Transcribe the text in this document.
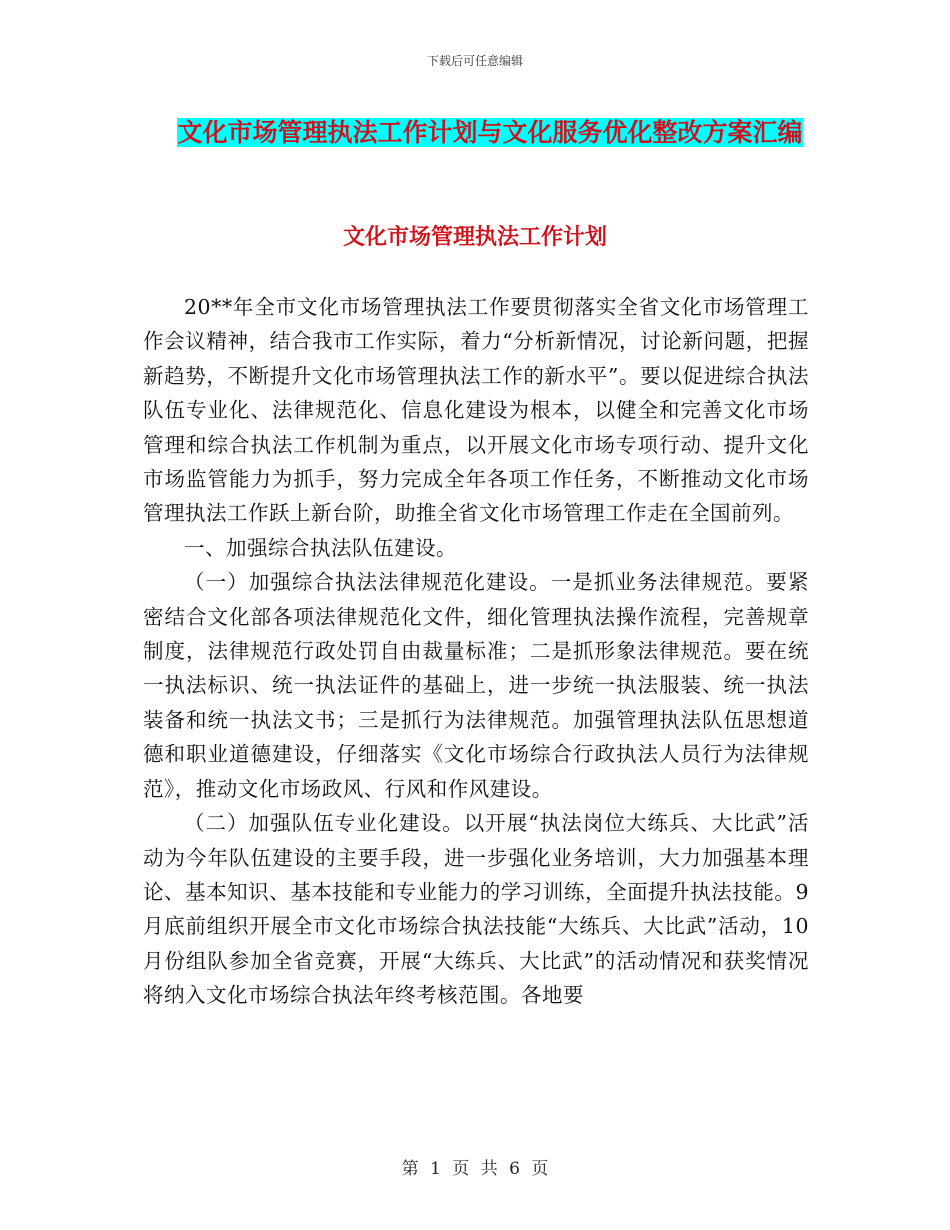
下载后可任意编辑
文化市场管理执法工作计划与文化服务优化整改方案汇编
文化市场管理执法工作计划

20**年全市文化市场管理执法工作要贯彻落实全省文化市场管理工作会议精神，结合我市工作实际，着力“分析新情况，讨论新问题，把握新趋势，不断提升文化市场管理执法工作的新水平”。要以促进综合执法队伍专业化、法律规范化、信息化建设为根本，以健全和完善文化市场管理和综合执法工作机制为重点，以开展文化市场专项行动、提升文化市场监管能力为抓手，努力完成全年各项工作任务，不断推动文化市场管理执法工作跃上新台阶，助推全省文化市场管理工作走在全国前列。

一、加强综合执法队伍建设。

（一）加强综合执法法律规范化建设。一是抓业务法律规范。要紧密结合文化部各项法律规范化文件，细化管理执法操作流程，完善规章制度，法律规范行政处罚自由裁量标准；二是抓形象法律规范。要在统一执法标识、统一执法证件的基础上，进一步统一执法服装、统一执法装备和统一执法文书；三是抓行为法律规范。加强管理执法队伍思想道德和职业道德建设，仔细落实《文化市场综合行政执法人员行为法律规范》，推动文化市场政风、行风和作风建设。

（二）加强队伍专业化建设。以开展“执法岗位大练兵、大比武”活动为今年队伍建设的主要手段，进一步强化业务培训，大力加强基本理论、基本知识、基本技能和专业能力的学习训练，全面提升执法技能。9月底前组织开展全市文化市场综合执法技能“大练兵、大比武”活动，10月份组队参加全省竞赛，开展“大练兵、大比武”的活动情况和获奖情况将纳入文化市场综合执法年终考核范围。各地要

第 1 页 共 6 页
